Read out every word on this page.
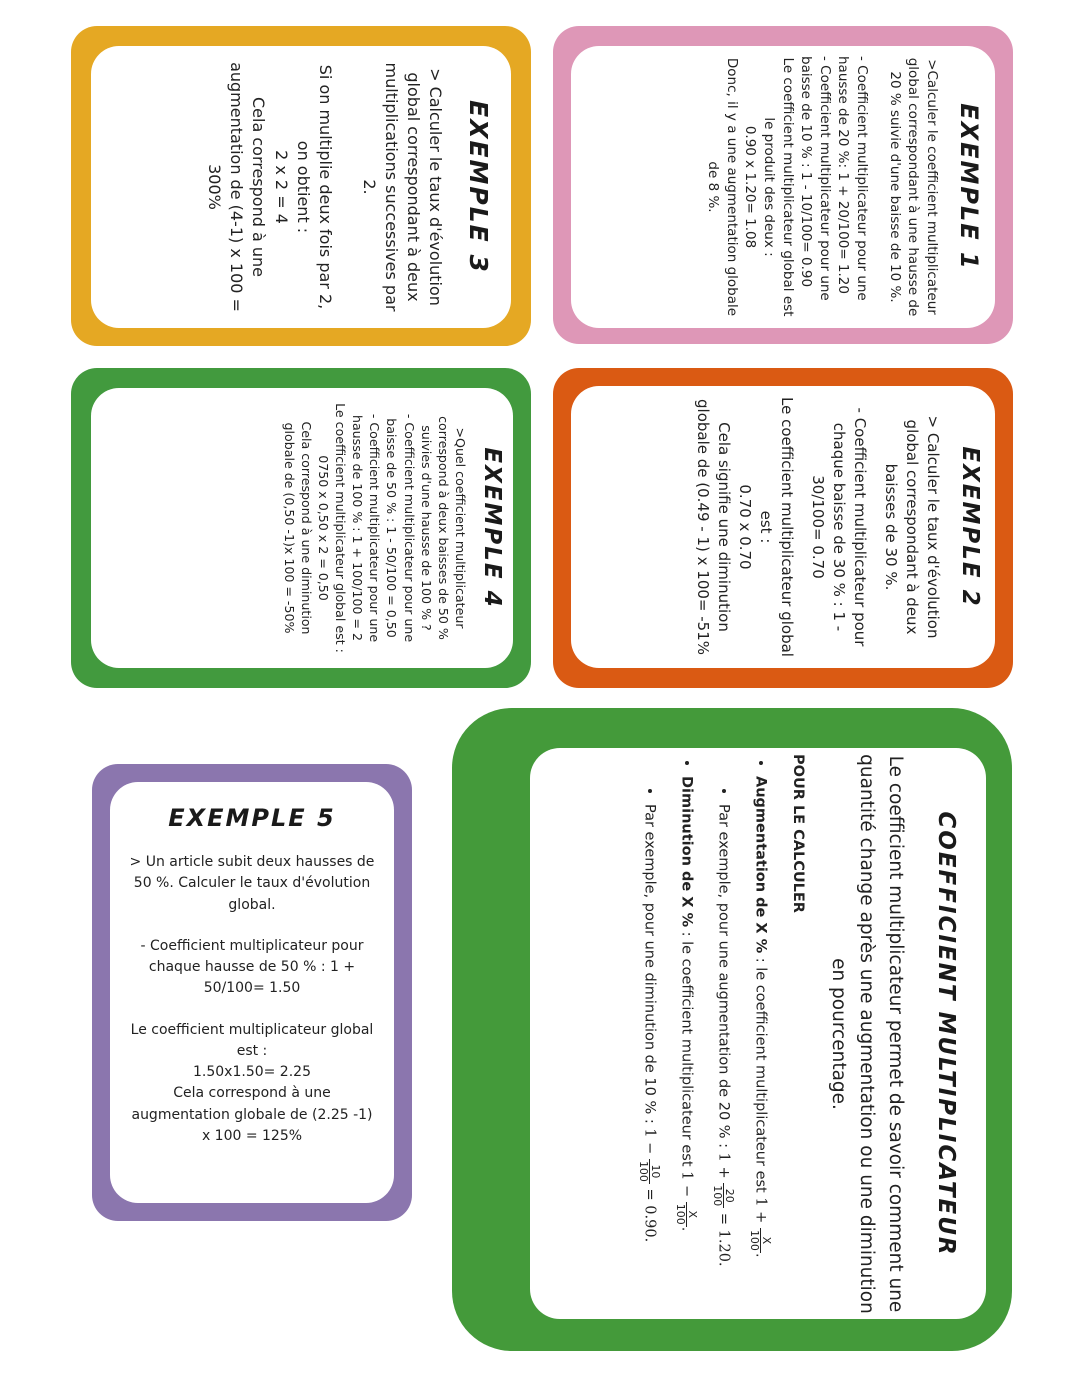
EXEMPLE 3

> Calculer le taux d'évolution global correspondant à deux multiplications successives par 2.

Si on multiplie deux fois par 2, on obtient :

2 x 2 = 4

Cela correspond à une augmentation de (4-1) x 100 = 300%	EXEMPLE 1

>Calculer le coefficient multiplicateur global correspondant à une hausse de 20 % suivie d'une baisse de 10 %.

- Coefficient multiplicateur pour une hausse de 20 %: 1 + 20/100= 1.20

- Coefficient multiplicateur pour une baisse de 10 % : 1 - 10/100= 0.90

Le coefficient multiplicateur global est le produit des deux :

0.90 x 1.20= 1.08

Donc, il y a une augmentation globale de 8 %.

EXEMPLE 4

>Quel coefficient multiplicateur correspond à deux baisses de 50 % suivies d'une hausse de 100 % ?

- Coefficient multiplicateur pour une baisse de 50 % : 1 - 50/100 = 0,50

- Coefficient multiplicateur pour une hausse de 100 % : 1 + 100/100 = 2

Le coefficient multiplicateur global est :

0750 x 0,50 x 2 = 0,50

Cela correspond à une diminution globale de (0,50 -1)x 100 = -50%	EXEMPLE 2

> Calculer le taux d'évolution global correspondant à deux baisses de 30 %.

- Coefficient multiplicateur pour chaque baisse de 30 % : 1 - 30/100= 0.70

Le coefficient multiplicateur global est :

0.70 x 0.70

Cela signifie une diminution globale de (0.49 - 1) x 100= -51%

EXEMPLE 5

> Un article subit deux hausses de 50 %. Calculer le taux d'évolution global.

- Coefficient multiplicateur pour chaque hausse de 50 % : 1 + 50/100= 1.50

Le coefficient multiplicateur global est :

1.50x1.50= 2.25

Cela correspond à une augmentation globale de (2.25 -1) x 100 = 125%	COEFFICIENT MULTIPLICATEUR

Le coefficient multiplicateur permet de savoir comment une quantité change après une augmentation ou une diminution en pourcentage.

POUR LE CALCULER

• Augmentation de X % : le coefficient multiplicateur est 1 +
X
100
.
• Par exemple, pour une augmentation de 20 % : 1 +
20
100
= 1.20.
• Diminution de X % : le coefficient multiplicateur est 1 −
X
100
.
• Par exemple, pour une diminution de 10 % : 1 −
10
100
= 0.90.
